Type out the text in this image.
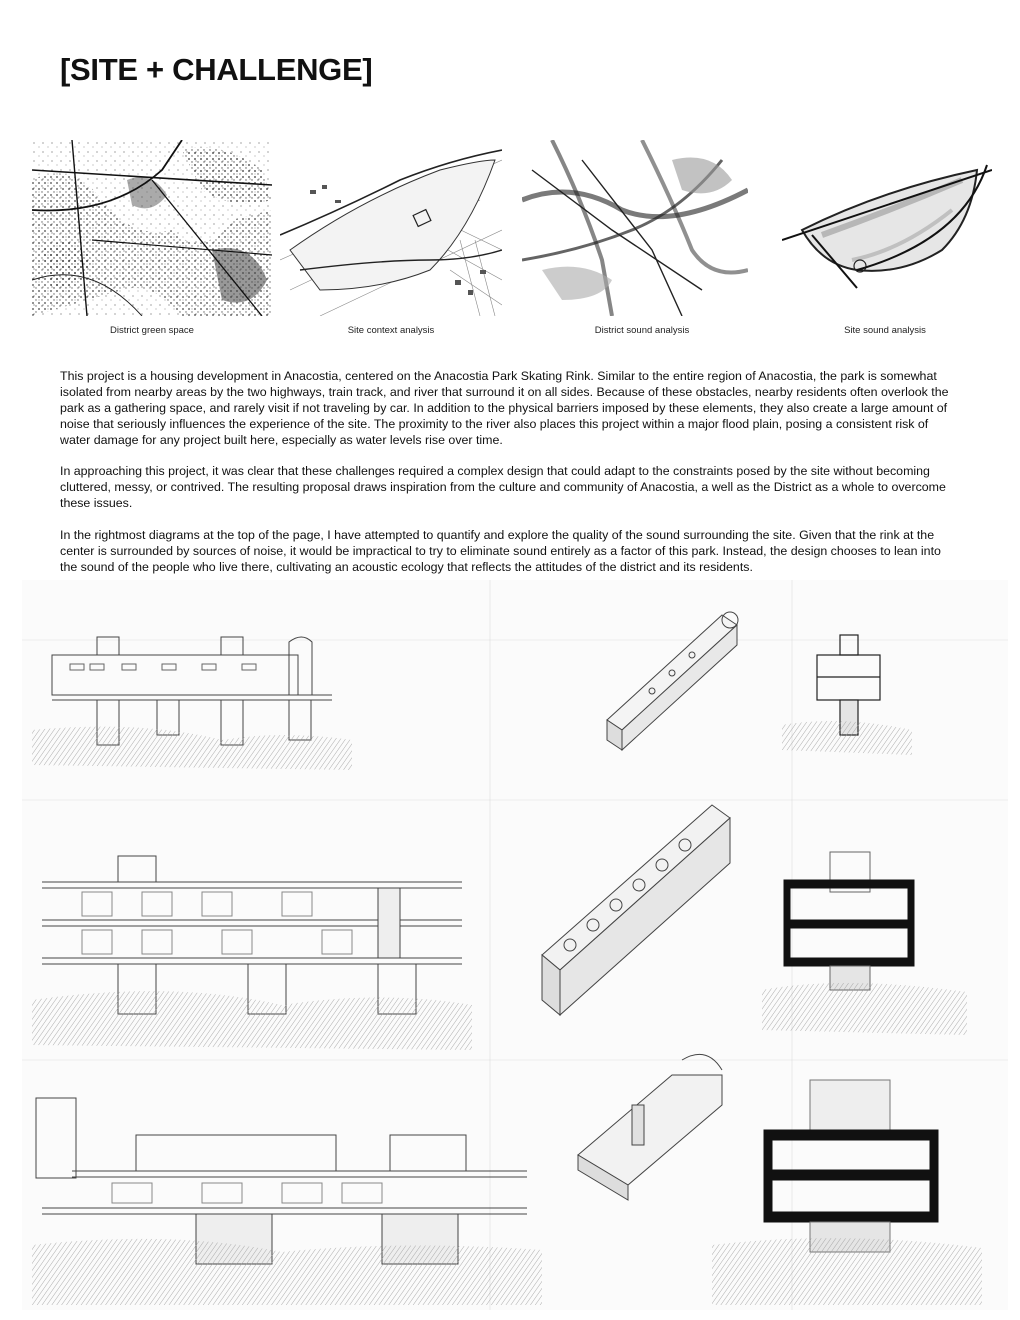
[SITE + CHALLENGE]
District green space	Site context analysis	District sound analysis	Site sound analysis

This project is a housing development in Anacostia, centered on the Anacostia Park Skating Rink. Similar to the entire region of Anacostia, the park is somewhat isolated from nearby areas by the two highways, train track, and river that surround it on all sides. Because of these obstacles, nearby residents often overlook the park as a gathering space, and rarely visit if not traveling by car. In addition to the physical barriers imposed by these elements, they also create a large amount of noise that seriously influences the experience of the site. The proximity to the river also places this project within a major flood plain, posing a consistent risk of water damage for any project built here, especially as water levels rise over time.

In approaching this project, it was clear that these challenges required a complex design that could adapt to the constraints posed by the site without becoming cluttered, messy, or contrived. The resulting proposal draws inspiration from the culture and community of Anacostia, a well as the District as a whole to overcome these issues.

In the rightmost diagrams at the top of the page, I have attempted to quantify and explore the quality of the sound surrounding the site. Given that the rink at the center is surrounded by sources of noise, it would be impractical to try to eliminate sound entirely as a factor of this park. Instead, the design chooses to lean into the sound of the people who live there, cultivating an acoustic ecology that reflects the attitudes of the district and its residents.
